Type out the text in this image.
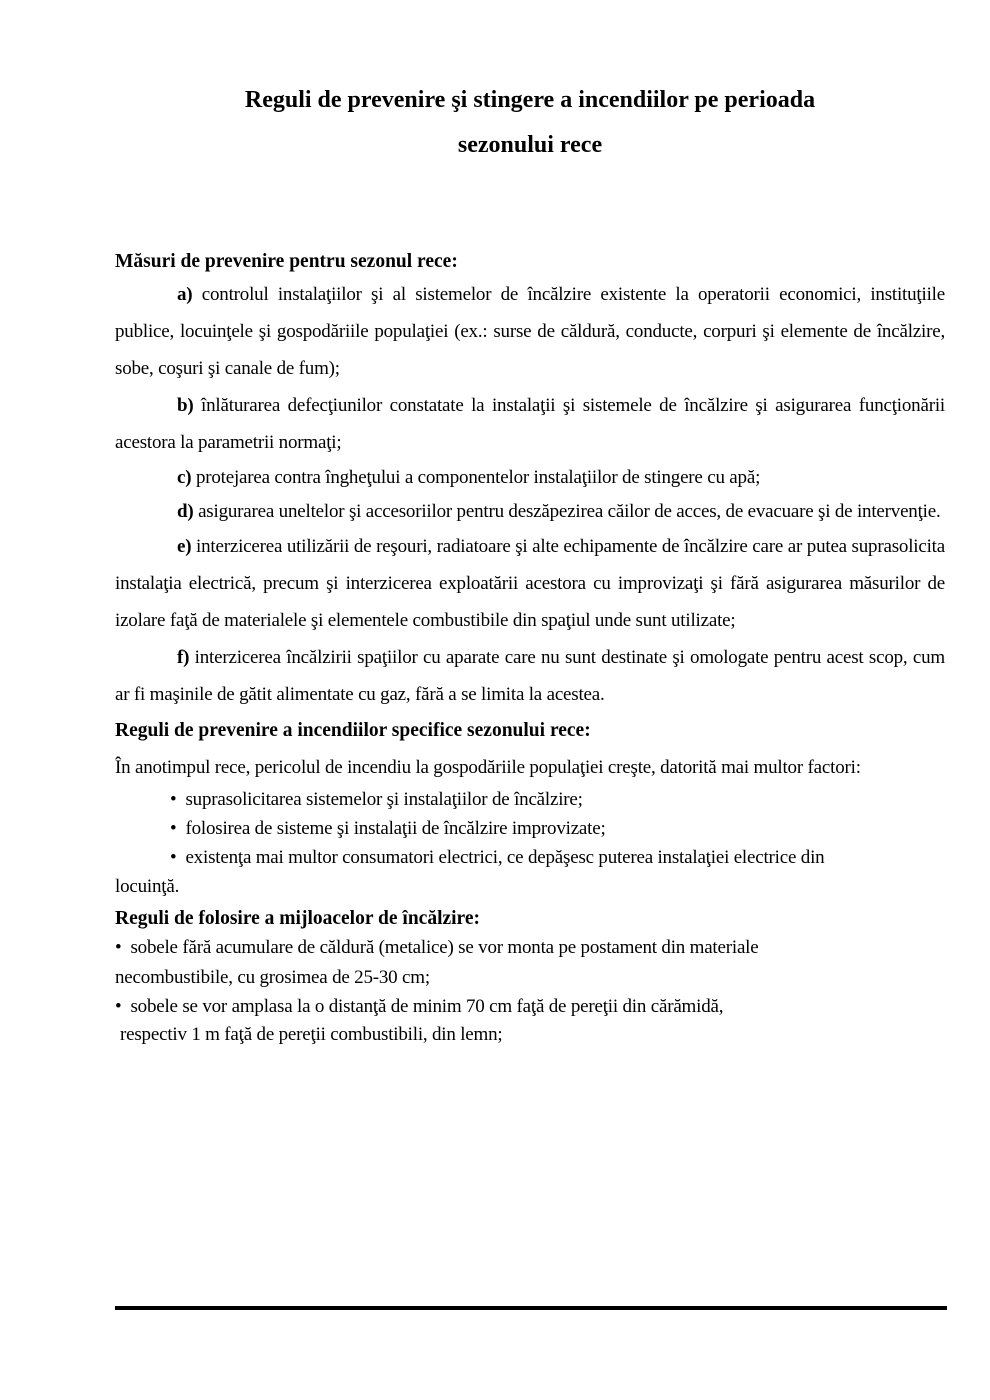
Reguli de prevenire şi stingere a incendiilor pe perioada
sezonului rece
Măsuri de prevenire pentru sezonul rece:

a) controlul instalaţiilor şi al sistemelor de încălzire existente la operatorii economici, instituţiile publice, locuinţele şi gospodăriile populaţiei (ex.: surse de căldură, conducte, corpuri şi elemente de încălzire, sobe, coşuri şi canale de fum);

b) înlăturarea defecţiunilor constatate la instalaţii şi sistemele de încălzire şi asigurarea funcţionării acestora la parametrii normaţi;

c) protejarea contra îngheţului a componentelor instalaţiilor de stingere cu apă;

d) asigurarea uneltelor şi accesoriilor pentru deszăpezirea căilor de acces, de evacuare şi de intervenţie.

e) interzicerea utilizării de reşouri, radiatoare şi alte echipamente de încălzire care ar putea suprasolicita instalaţia electrică, precum şi interzicerea exploatării acestora cu improvizaţi şi fără asigurarea măsurilor de izolare faţă de materialele şi elementele combustibile din spaţiul unde sunt utilizate;

f) interzicerea încălzirii spaţiilor cu aparate care nu sunt destinate şi omologate pentru acest scop, cum ar fi maşinile de gătit alimentate cu gaz, fără a se limita la acestea.

Reguli de prevenire a incendiilor specifice sezonului rece:

În anotimpul rece, pericolul de incendiu la gospodăriile populaţiei creşte, datorită mai multor factori:

• suprasolicitarea sistemelor şi instalaţiilor de încălzire;

• folosirea de sisteme şi instalaţii de încălzire improvizate;

• existenţa mai multor consumatori electrici, ce depăşesc puterea instalaţiei electrice din
locuinţă.

Reguli de folosire a mijloacelor de încălzire:

• sobele fără acumulare de căldură (metalice) se vor monta pe postament din materiale
necombustibile, cu grosimea de 25-30 cm;

• sobele se vor amplasa la o distanţă de minim 70 cm faţă de pereţii din cărămidă,
respectiv 1 m faţă de pereţii combustibili, din lemn;
